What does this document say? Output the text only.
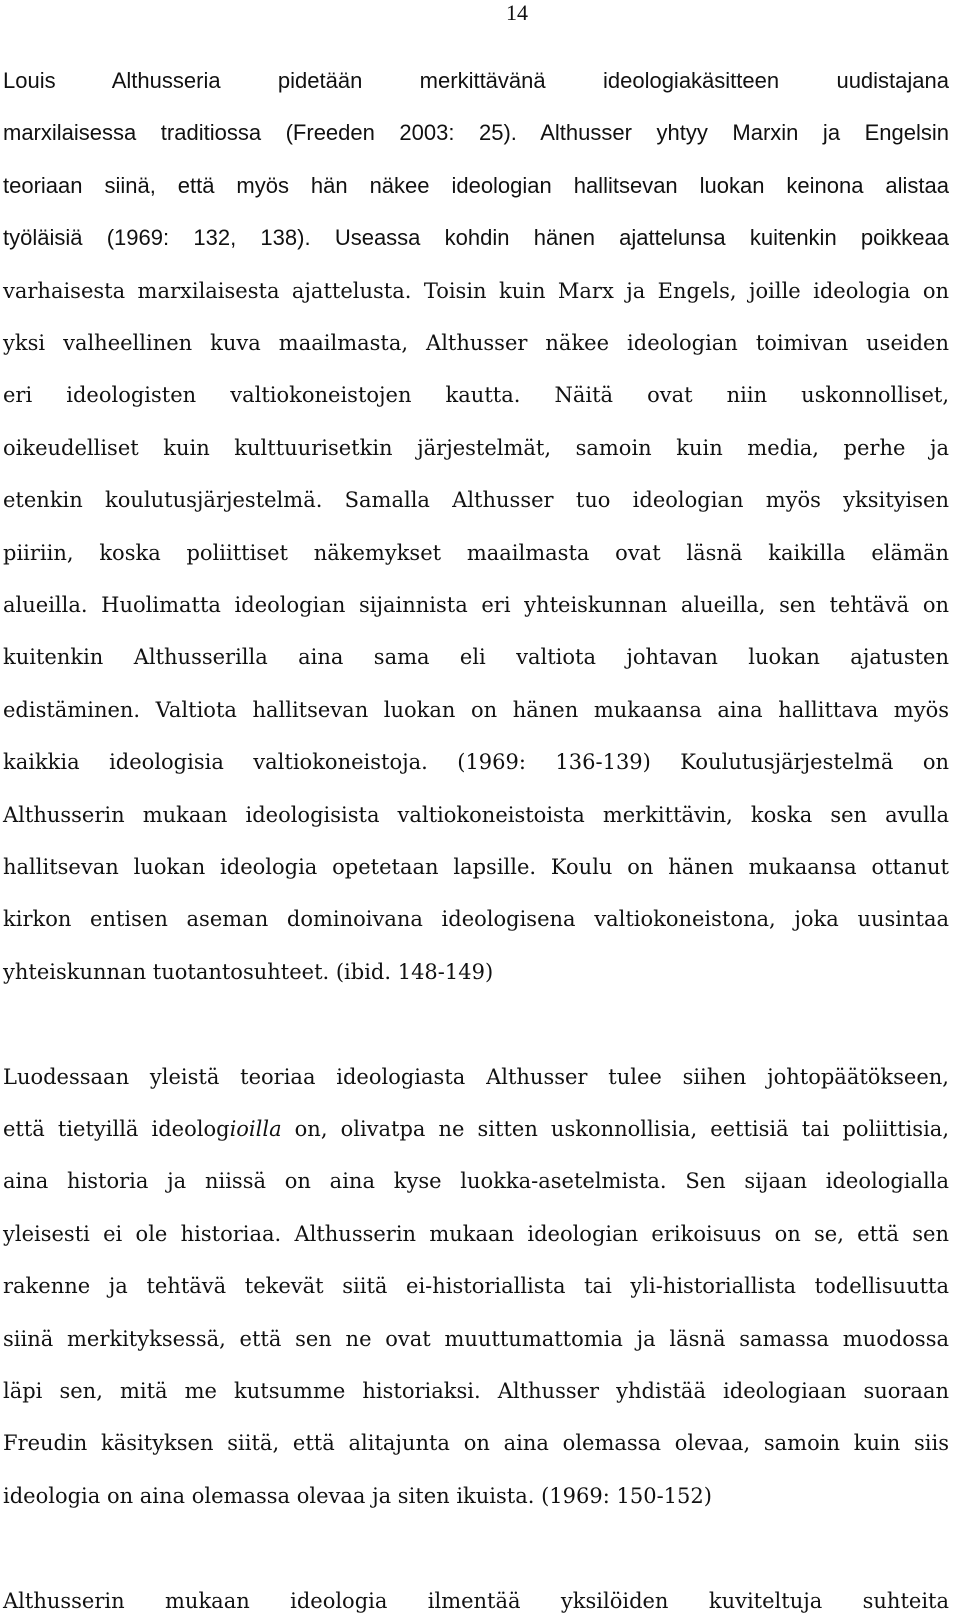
14
Louis Althusseria pidetään merkittävänä ideologiakäsitteen uudistajana
marxilaisessa traditiossa (Freeden 2003: 25). Althusser yhtyy Marxin ja Engelsin
teoriaan siinä, että myös hän näkee ideologian hallitsevan luokan keinona alistaa
työläisiä (1969: 132, 138). Useassa kohdin hänen ajattelunsa kuitenkin poikkeaa
varhaisesta marxilaisesta ajattelusta. Toisin kuin Marx ja Engels, joille ideologia on
yksi valheellinen kuva maailmasta, Althusser näkee ideologian toimivan useiden
eri ideologisten valtiokoneistojen kautta. Näitä ovat niin uskonnolliset,
oikeudelliset kuin kulttuurisetkin järjestelmät, samoin kuin media, perhe ja
etenkin koulutusjärjestelmä. Samalla Althusser tuo ideologian myös yksityisen
piiriin, koska poliittiset näkemykset maailmasta ovat läsnä kaikilla elämän
alueilla. Huolimatta ideologian sijainnista eri yhteiskunnan alueilla, sen tehtävä on
kuitenkin Althusserilla aina sama eli valtiota johtavan luokan ajatusten
edistäminen. Valtiota hallitsevan luokan on hänen mukaansa aina hallittava myös
kaikkia ideologisia valtiokoneistoja. (1969: 136-139) Koulutusjärjestelmä on
Althusserin mukaan ideologisista valtiokoneistoista merkittävin, koska sen avulla
hallitsevan luokan ideologia opetetaan lapsille. Koulu on hänen mukaansa ottanut
kirkon entisen aseman dominoivana ideologisena valtiokoneistona, joka uusintaa
yhteiskunnan tuotantosuhteet. (ibid. 148-149)
Luodessaan yleistä teoriaa ideologiasta Althusser tulee siihen johtopäätökseen,
että tietyillä ideologioilla on, olivatpa ne sitten uskonnollisia, eettisiä tai poliittisia,
aina historia ja niissä on aina kyse luokka-asetelmista. Sen sijaan ideologialla
yleisesti ei ole historiaa. Althusserin mukaan ideologian erikoisuus on se, että sen
rakenne ja tehtävä tekevät siitä ei-historiallista tai yli-historiallista todellisuutta
siinä merkityksessä, että sen ne ovat muuttumattomia ja läsnä samassa muodossa
läpi sen, mitä me kutsumme historiaksi. Althusser yhdistää ideologiaan suoraan
Freudin käsityksen siitä, että alitajunta on aina olemassa olevaa, samoin kuin siis
ideologia on aina olemassa olevaa ja siten ikuista. (1969: 150-152)
Althusserin mukaan ideologia ilmentää yksilöiden kuviteltuja suhteita
